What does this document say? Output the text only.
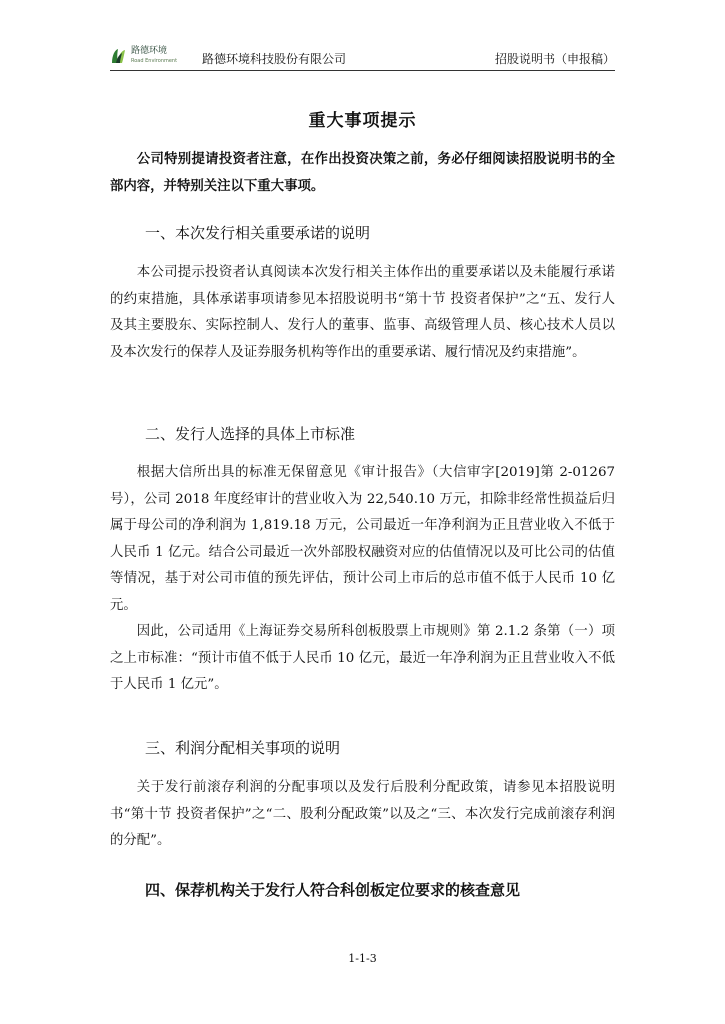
路德环境
Road Environment 路德环境科技股份有限公司	招股说明书（申报稿）
重大事项提示
公司特别提请投资者注意，在作出投资决策之前，务必仔细阅读招股说明书的全部内容，并特别关注以下重大事项。
一、本次发行相关重要承诺的说明
本公司提示投资者认真阅读本次发行相关主体作出的重要承诺以及未能履行承诺的约束措施，具体承诺事项请参见本招股说明书“第十节 投资者保护”之“五、发行人及其主要股东、实际控制人、发行人的董事、监事、高级管理人员、核心技术人员以及本次发行的保荐人及证券服务机构等作出的重要承诺、履行情况及约束措施”。
二、发行人选择的具体上市标准
根据大信所出具的标准无保留意见《审计报告》（大信审字[2019]第 2-01267 号），公司 2018 年度经审计的营业收入为 22,540.10 万元，扣除非经常性损益后归属于母公司的净利润为 1,819.18 万元，公司最近一年净利润为正且营业收入不低于人民币 1 亿元。结合公司最近一次外部股权融资对应的估值情况以及可比公司的估值等情况，基于对公司市值的预先评估，预计公司上市后的总市值不低于人民币 10 亿元。
因此，公司适用《上海证券交易所科创板股票上市规则》第 2.1.2 条第（一）项之上市标准：“预计市值不低于人民币 10 亿元，最近一年净利润为正且营业收入不低于人民币 1 亿元”。
三、利润分配相关事项的说明
关于发行前滚存利润的分配事项以及发行后股利分配政策，请参见本招股说明书“第十节 投资者保护”之“二、股利分配政策”以及之“三、本次发行完成前滚存利润的分配”。
四、保荐机构关于发行人符合科创板定位要求的核查意见
1-1-3
